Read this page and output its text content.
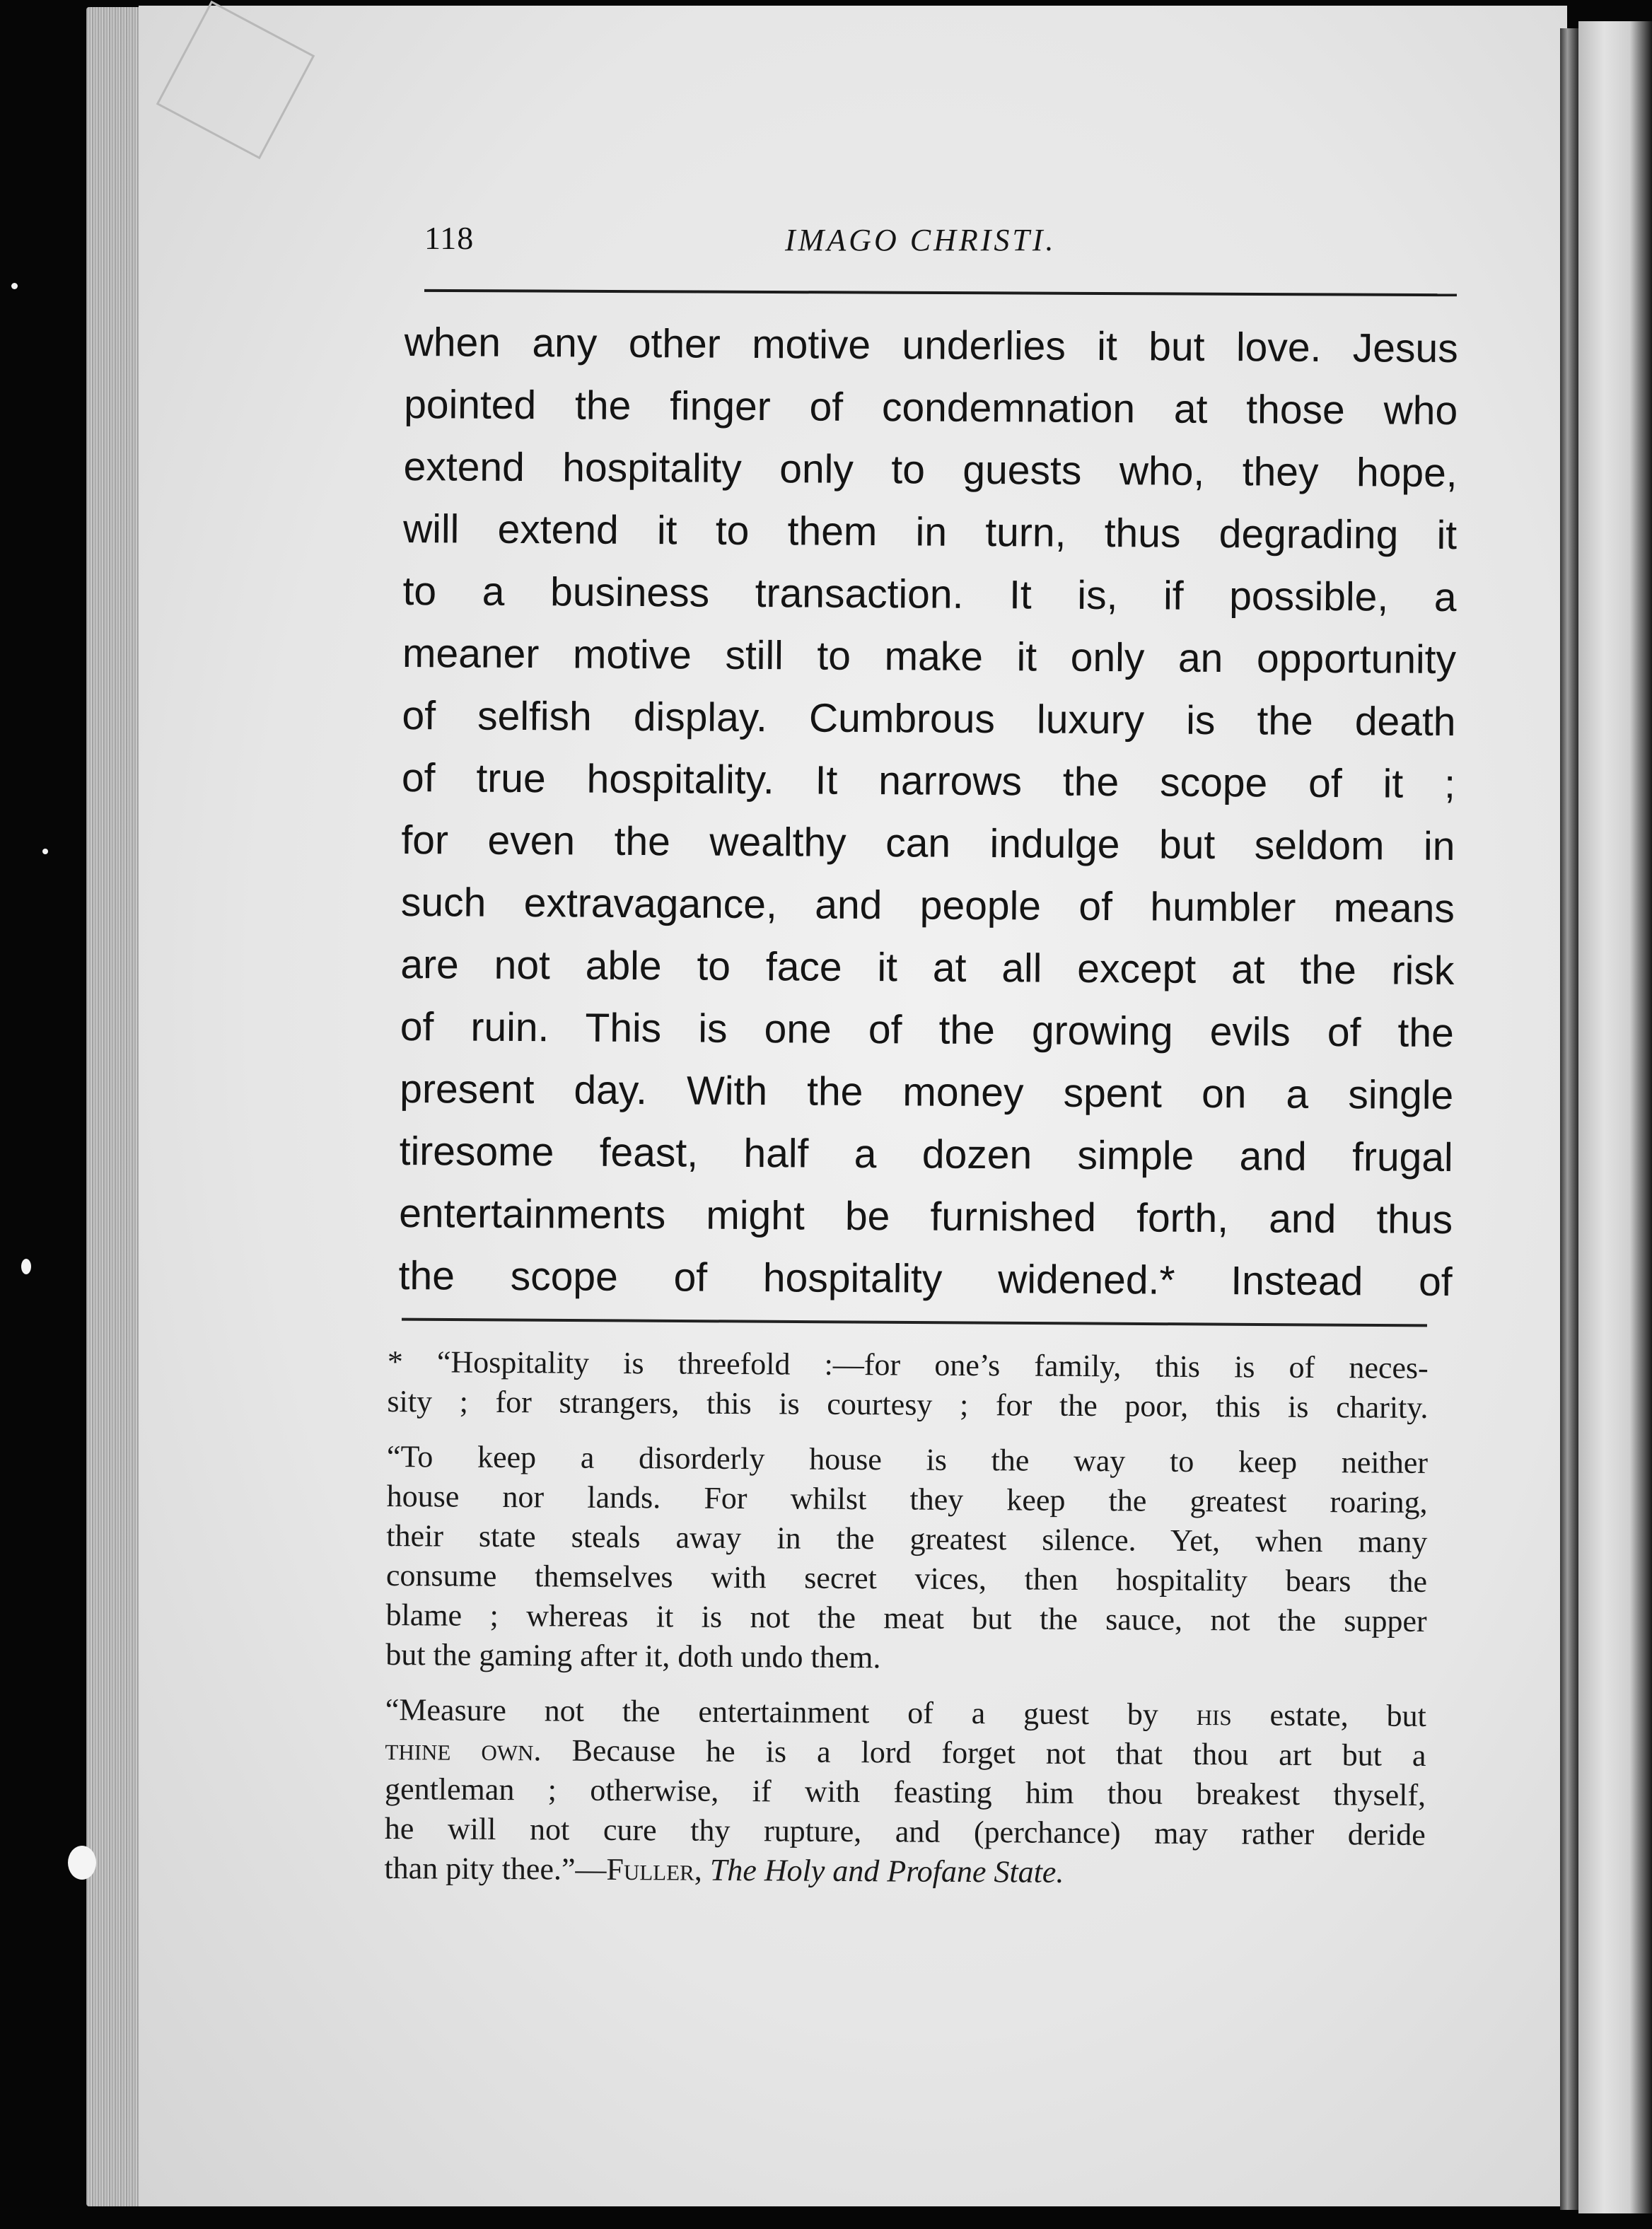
118	IMAGO CHRISTI.
when any other motive underlies it but love. Jesus
pointed the finger of condemnation at those who
extend hospitality only to guests who, they hope,
will extend it to them in turn, thus degrading it
to a business transaction. It is, if possible, a
meaner motive still to make it only an opportunity
of selfish display. Cumbrous luxury is the death
of true hospitality. It narrows the scope of it ;
for even the wealthy can indulge but seldom in
such extravagance, and people of humbler means
are not able to face it at all except at the risk
of ruin. This is one of the growing evils of the
present day. With the money spent on a single
tiresome feast, half a dozen simple and frugal
entertainments might be furnished forth, and thus
the scope of hospitality widened.* Instead of
* “Hospitality is threefold :—for one’s family, this is of neces-
sity ; for strangers, this is courtesy ; for the poor, this is charity.
“To keep a disorderly house is the way to keep neither
house nor lands. For whilst they keep the greatest roaring,
their state steals away in the greatest silence. Yet, when many
consume themselves with secret vices, then hospitality bears the
blame ; whereas it is not the meat but the sauce, not the supper
but the gaming after it, doth undo them.
“Measure not the entertainment of a guest by his estate, but
thine own. Because he is a lord forget not that thou art but a
gentleman ; otherwise, if with feasting him thou breakest thyself,
he will not cure thy rupture, and (perchance) may rather deride
than pity thee.”—Fuller, The Holy and Profane State.
